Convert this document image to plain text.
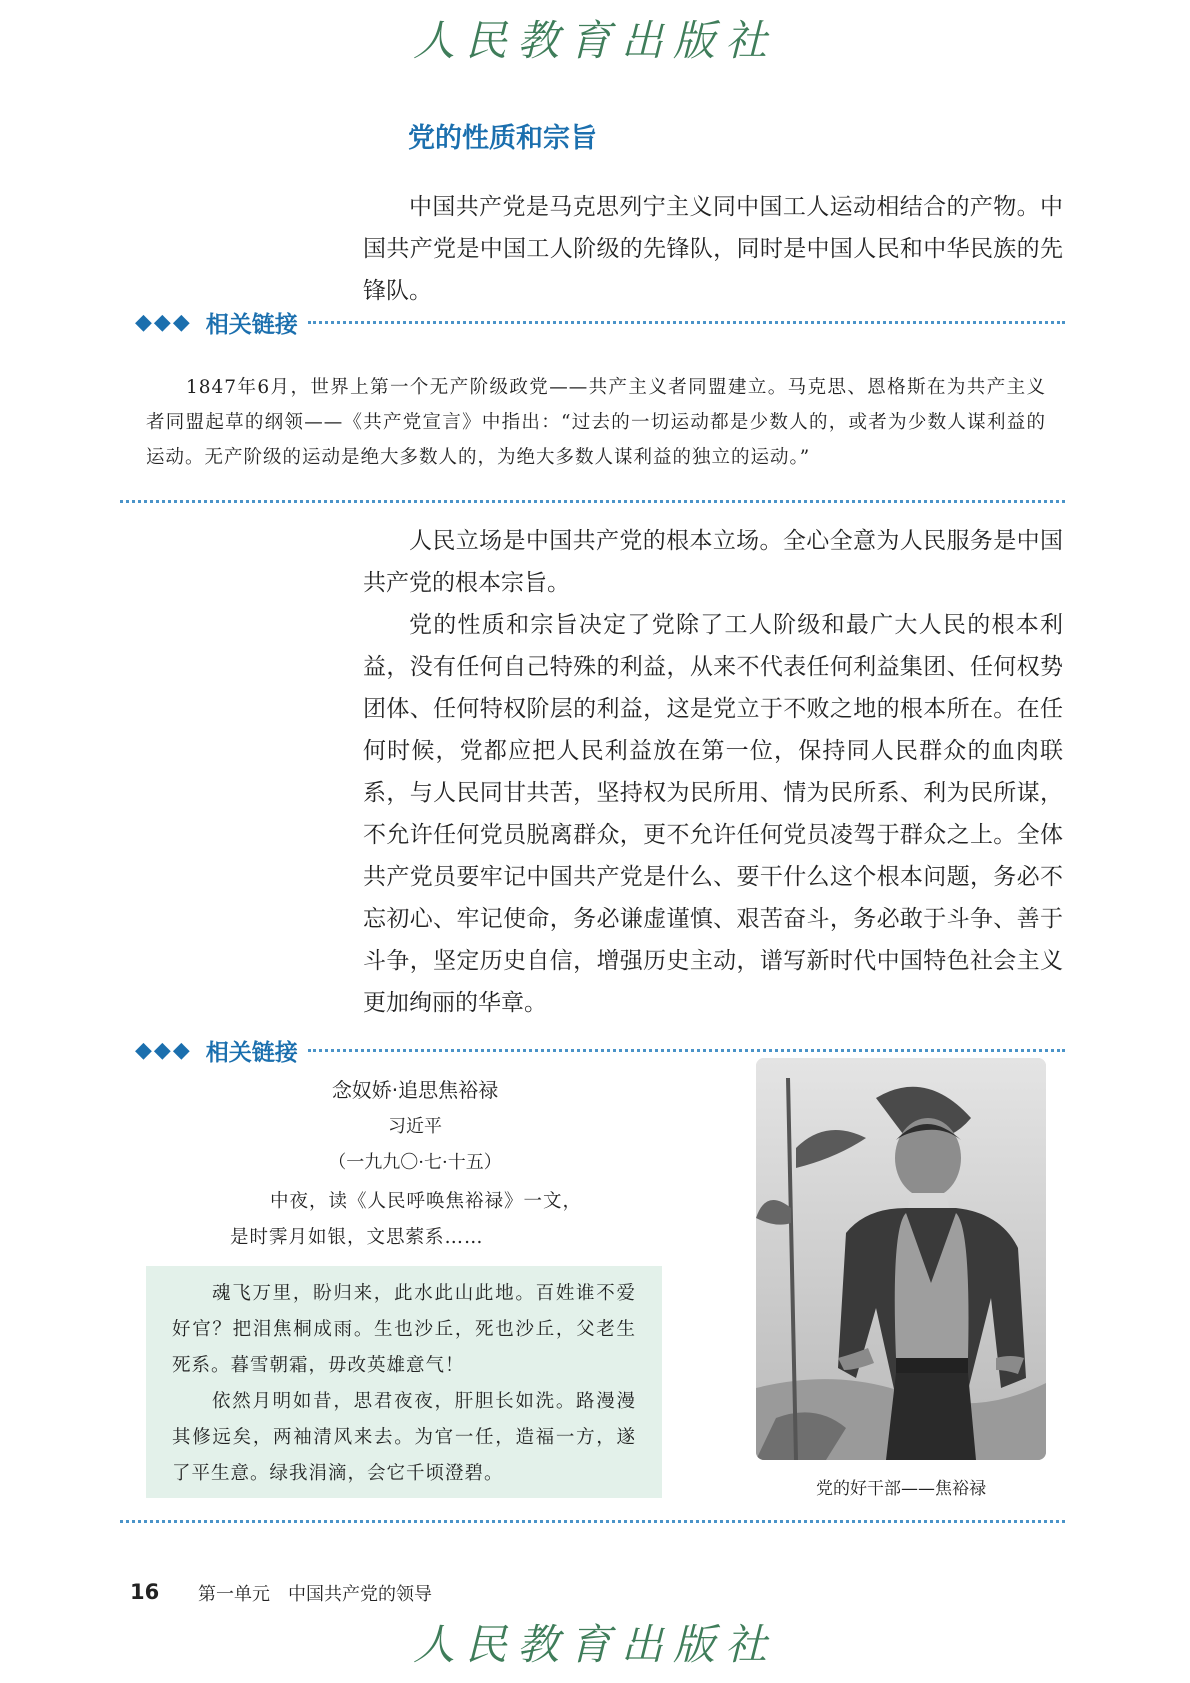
人民教育出版社
党的性质和宗旨

中国共产党是马克思列宁主义同中国工人运动相结合的产物。中国共产党是中国工人阶级的先锋队，同时是中国人民和中华民族的先锋队。

◆◆◆ 相关链接

1847年6月，世界上第一个无产阶级政党——共产主义者同盟建立。马克思、恩格斯在为共产主义者同盟起草的纲领——《共产党宣言》中指出：“过去的一切运动都是少数人的，或者为少数人谋利益的运动。无产阶级的运动是绝大多数人的，为绝大多数人谋利益的独立的运动。”

人民立场是中国共产党的根本立场。全心全意为人民服务是中国共产党的根本宗旨。

党的性质和宗旨决定了党除了工人阶级和最广大人民的根本利益，没有任何自己特殊的利益，从来不代表任何利益集团、任何权势团体、任何特权阶层的利益，这是党立于不败之地的根本所在。在任何时候，党都应把人民利益放在第一位，保持同人民群众的血肉联系，与人民同甘共苦，坚持权为民所用、情为民所系、利为民所谋，不允许任何党员脱离群众，更不允许任何党员凌驾于群众之上。全体共产党员要牢记中国共产党是什么、要干什么这个根本问题，务必不忘初心、牢记使命，务必谦虚谨慎、艰苦奋斗，务必敢于斗争、善于斗争，坚定历史自信，增强历史主动，谱写新时代中国特色社会主义更加绚丽的华章。

◆◆◆ 相关链接
念奴娇·追思焦裕禄
习近平
（一九九〇·七·十五）
中夜，读《人民呼唤焦裕禄》一文，
是时霁月如银，文思萦系……

魂飞万里，盼归来，此水此山此地。百姓谁不爱好官？把泪焦桐成雨。生也沙丘，死也沙丘，父老生死系。暮雪朝霜，毋改英雄意气！

依然月明如昔，思君夜夜，肝胆长如洗。路漫漫其修远矣，两袖清风来去。为官一任，造福一方，遂了平生意。绿我涓滴，会它千顷澄碧。

党的好干部——焦裕禄
16 第一单元　中国共产党的领导
人民教育出版社
